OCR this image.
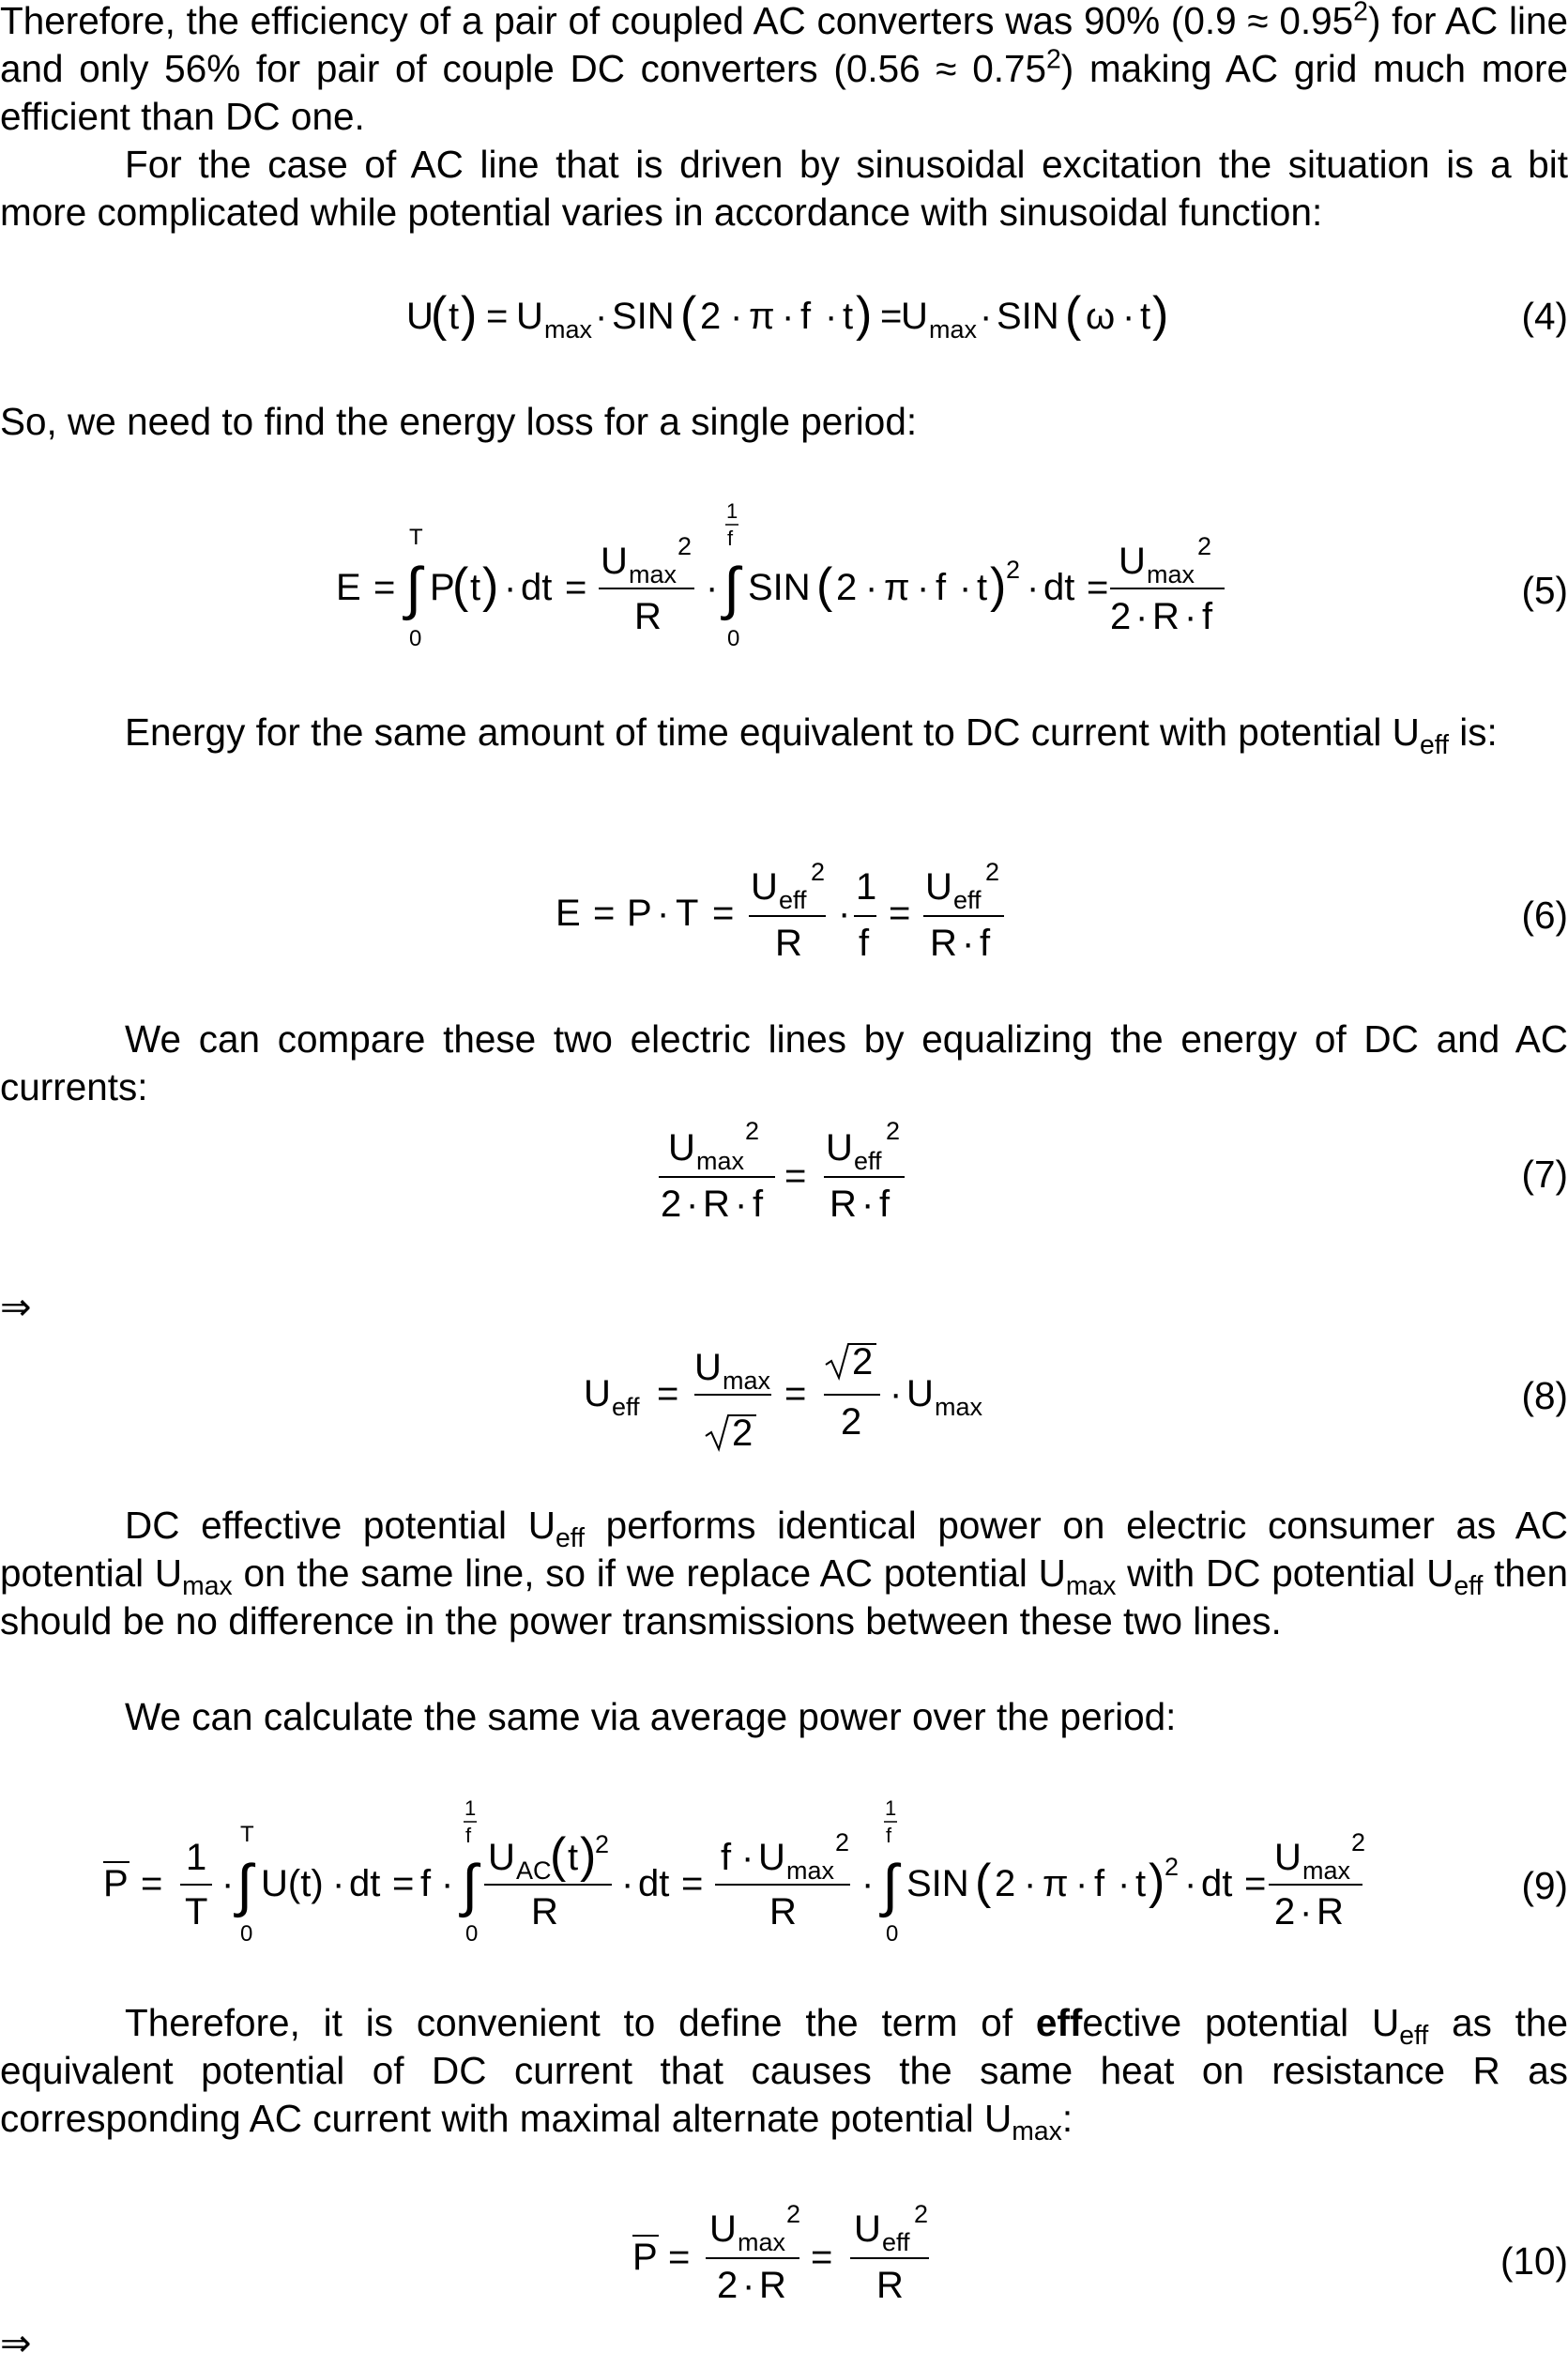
Therefore, the efficiency of a pair of coupled AC converters was 90% $(0.9 \approx 0.95^2)$ for AC line and only 56% for pair of couple DC converters $(0.56 \approx 0.75^2)$ making AC grid much more efficient than DC one.

For the case of AC line that is driven by sinusoidal excitation the situation is a bit more complicated while potential varies in accordance with sinusoidal function:

U
( t ) = U max · SIN ( 2 · π · f · t ) =
U max · SIN ( ω · t )	(4)

So, we need to find the energy loss for a single period:

E =
T
∫
0
P
( t ) · dt =
U max
2
R
·
1
f
∫
0
SIN ( 2 · π · f · t ) 2 · dt =
U max
2
2 · R · f
(5)

Energy for the same amount of time equivalent to DC current with potential $U_{eff}$ is:

E = P · T =
U eff
2
R
·
1
f
=
U eff
2
R · f
(6)

We can compare these two electric lines by equalizing the energy of DC and AC currents:

U max
2
2 · R · f
=
U eff
2
R · f
(7)
⇒
U eff =
U max
2
=
2
2
· U max	(8)

DC effective potential $U_{eff}$ performs identical power on electric consumer as AC potential $U_{max}$ on the same line, so if we replace AC potential $U_{max}$ with DC potential $U_{eff}$ then should be no difference in the power transmissions between these two lines.

We can calculate the same via average power over the period:

P =
1
T
·
T
∫
0
U(t) · dt = f ·
1
f
∫
0
U AC
( t )
2
R
· dt =
f · U max
2
R
·
1
f
∫
0
SIN ( 2 · π · f · t ) 2 · dt =
U max
2
2 · R
(9)

Therefore, it is convenient to define the term of effective potential $U_{eff}$ as the equivalent potential of DC current that causes the same heat on resistance R as corresponding AC current with maximal alternate potential $U_{max}$:

P =
U max
2
2 · R
=
U eff
2
R
(10)
⇒
